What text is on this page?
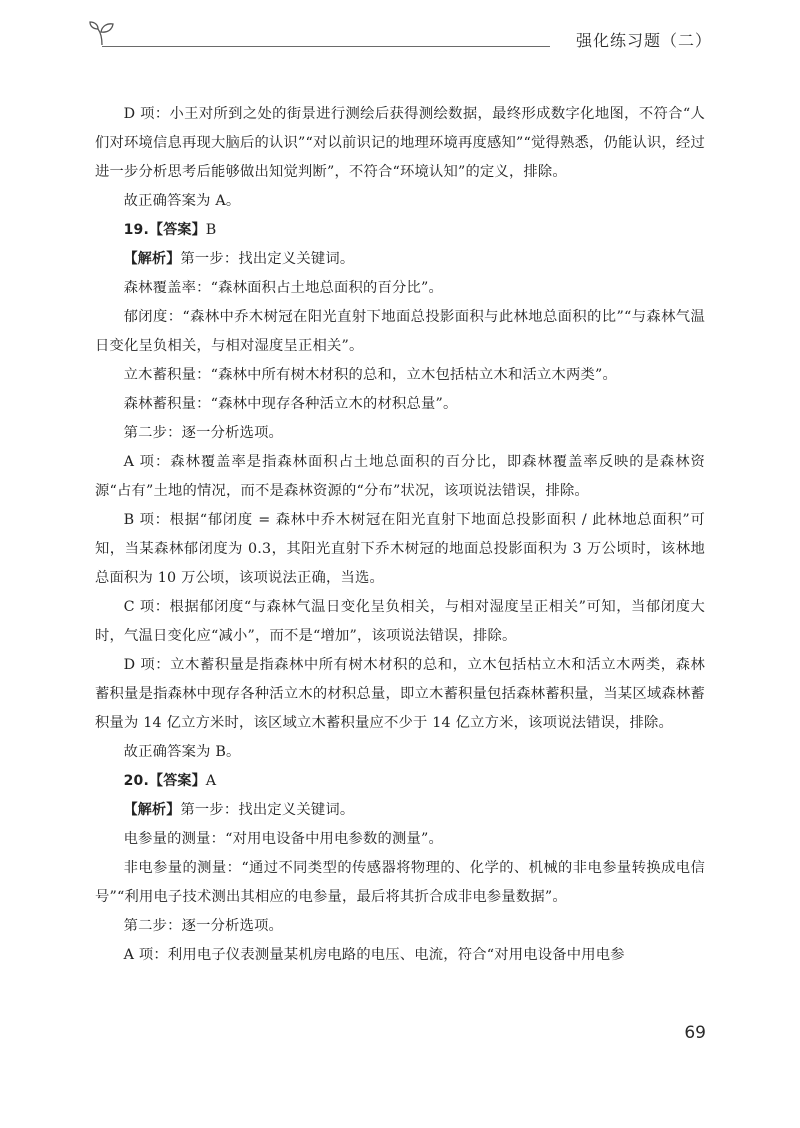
强化练习题（二）

D 项：小王对所到之处的街景进行测绘后获得测绘数据，最终形成数字化地图，不符合“人们对环境信息再现大脑后的认识”“对以前识记的地理环境再度感知”“觉得熟悉，仍能认识，经过进一步分析思考后能够做出知觉判断”，不符合“环境认知”的定义，排除。

故正确答案为 A。

19.【答案】B

【解析】第一步：找出定义关键词。

森林覆盖率：“森林面积占土地总面积的百分比”。

郁闭度：“森林中乔木树冠在阳光直射下地面总投影面积与此林地总面积的比”“与森林气温日变化呈负相关，与相对湿度呈正相关”。

立木蓄积量：“森林中所有树木材积的总和，立木包括枯立木和活立木两类”。

森林蓄积量：“森林中现存各种活立木的材积总量”。

第二步：逐一分析选项。

A 项：森林覆盖率是指森林面积占土地总面积的百分比，即森林覆盖率反映的是森林资源“占有”土地的情况，而不是森林资源的“分布”状况，该项说法错误，排除。

B 项：根据“郁闭度 = 森林中乔木树冠在阳光直射下地面总投影面积 / 此林地总面积”可知，当某森林郁闭度为 0.3，其阳光直射下乔木树冠的地面总投影面积为 3 万公顷时，该林地总面积为 10 万公顷，该项说法正确，当选。

C 项：根据郁闭度“与森林气温日变化呈负相关，与相对湿度呈正相关”可知，当郁闭度大时，气温日变化应“减小”，而不是“增加”，该项说法错误，排除。

D 项：立木蓄积量是指森林中所有树木材积的总和，立木包括枯立木和活立木两类，森林蓄积量是指森林中现存各种活立木的材积总量，即立木蓄积量包括森林蓄积量，当某区域森林蓄积量为 14 亿立方米时，该区域立木蓄积量应不少于 14 亿立方米，该项说法错误，排除。

故正确答案为 B。

20.【答案】A

【解析】第一步：找出定义关键词。

电参量的测量：“对用电设备中用电参数的测量”。

非电参量的测量：“通过不同类型的传感器将物理的、化学的、机械的非电参量转换成电信号”“利用电子技术测出其相应的电参量，最后将其折合成非电参量数据”。

第二步：逐一分析选项。

A 项：利用电子仪表测量某机房电路的电压、电流，符合“对用电设备中用电参

69
